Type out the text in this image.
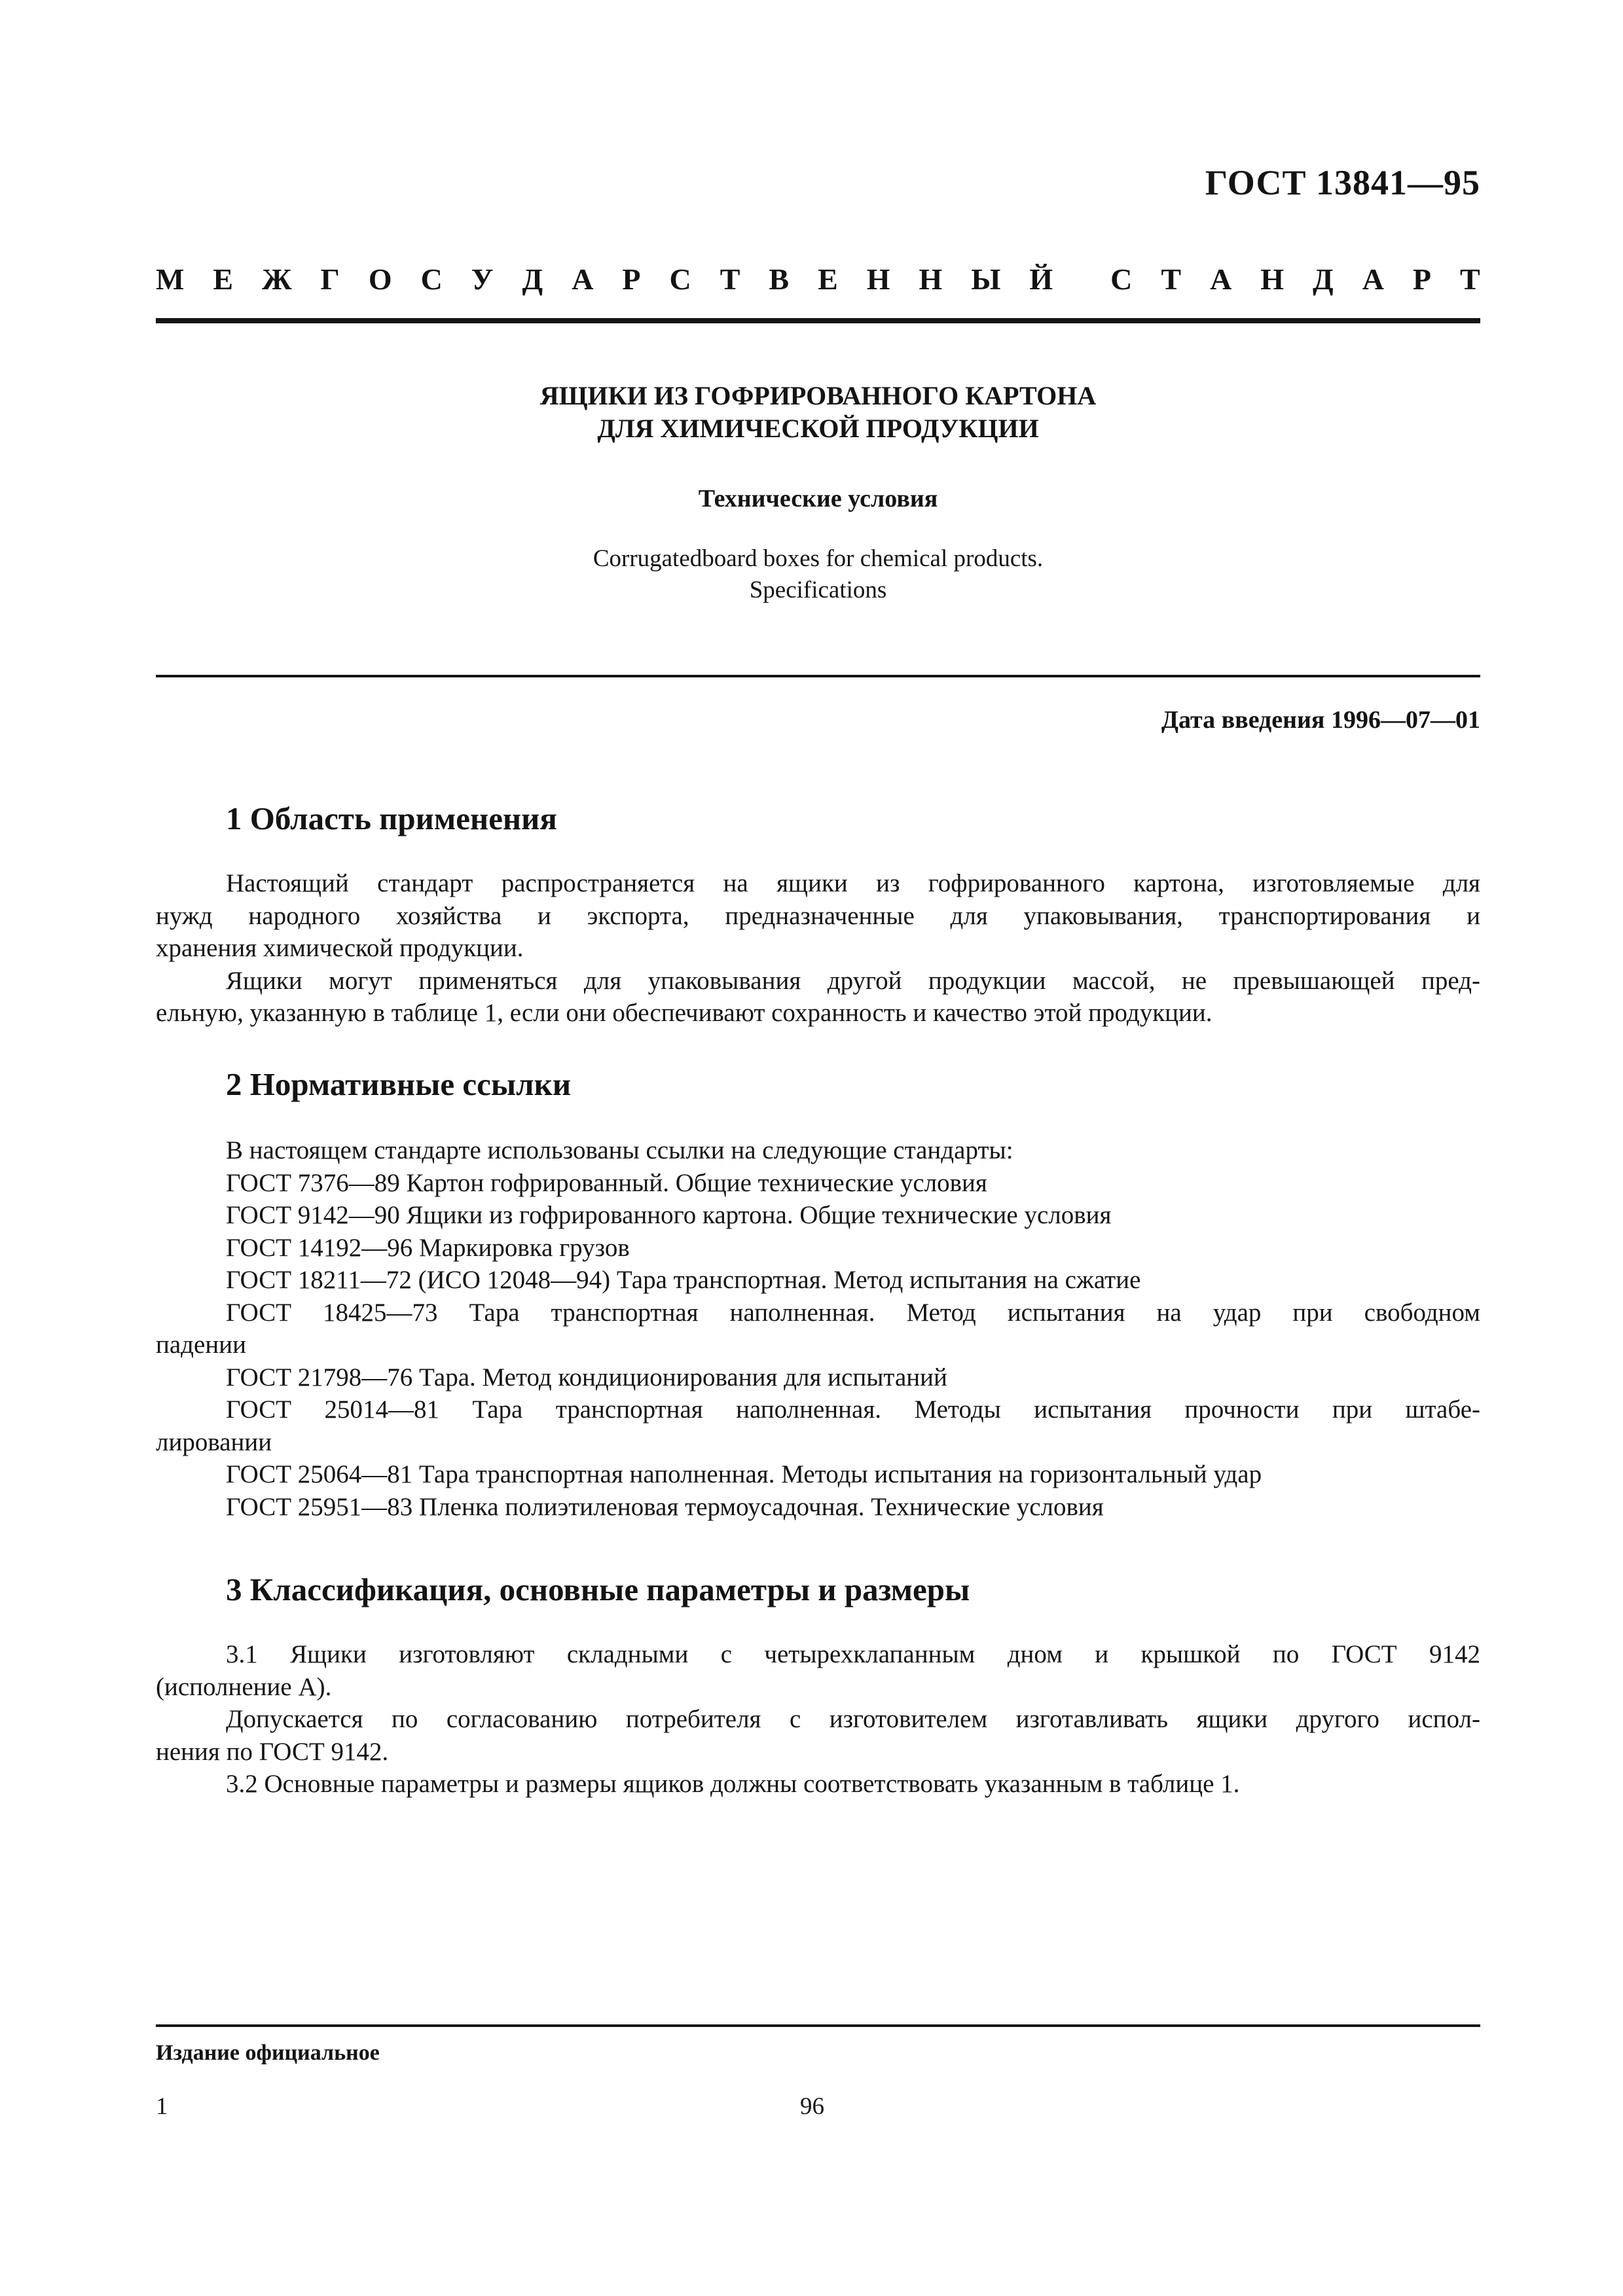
ГОСТ 13841—95
М Е Ж Г О С У Д А Р С Т В Е Н Н Ы Й С Т А Н Д А Р Т
ЯЩИКИ ИЗ ГОФРИРОВАННОГО КАРТОНА
ДЛЯ ХИМИЧЕСКОЙ ПРОДУКЦИИ
Технические условия
Corrugatedboard boxes for chemical products.
Specifications
Дата введения 1996—07—01
1 Область применения
Настоящий стандарт распространяется на ящики из гофрированного картона, изготовляемые для
нужд народного хозяйства и экспорта, предназначенные для упаковывания, транспортирования и
хранения химической продукции.
Ящики могут применяться для упаковывания другой продукции массой, не превышающей пред-
ельную, указанную в таблице 1, если они обеспечивают сохранность и качество этой продукции.
2 Нормативные ссылки
В настоящем стандарте использованы ссылки на следующие стандарты:
ГОСТ 7376—89 Картон гофрированный. Общие технические условия
ГОСТ 9142—90 Ящики из гофрированного картона. Общие технические условия
ГОСТ 14192—96 Маркировка грузов
ГОСТ 18211—72 (ИСО 12048—94) Тара транспортная. Метод испытания на сжатие
ГОСТ 18425—73 Тара транспортная наполненная. Метод испытания на удар при свободном
падении
ГОСТ 21798—76 Тара. Метод кондиционирования для испытаний
ГОСТ 25014—81 Тара транспортная наполненная. Методы испытания прочности при штабе-
лировании
ГОСТ 25064—81 Тара транспортная наполненная. Методы испытания на горизонтальный удар
ГОСТ 25951—83 Пленка полиэтиленовая термоусадочная. Технические условия
3 Классификация, основные параметры и размеры
3.1 Ящики изготовляют складными с четырехклапанным дном и крышкой по ГОСТ 9142
(исполнение А).
Допускается по согласованию потребителя с изготовителем изготавливать ящики другого испол-
нения по ГОСТ 9142.
3.2 Основные параметры и размеры ящиков должны соответствовать указанным в таблице 1.
Издание официальное
1	96
